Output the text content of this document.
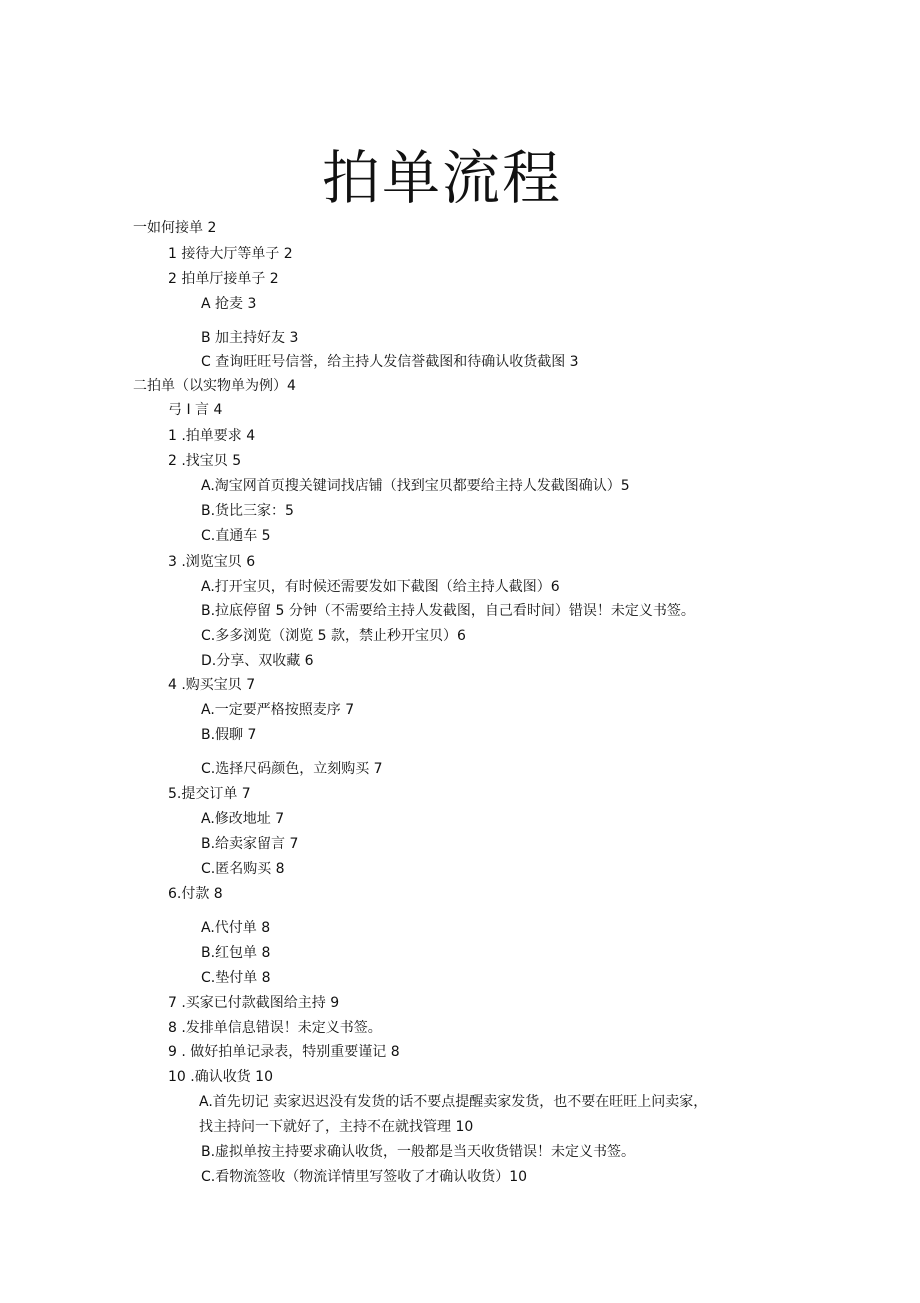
拍单流程
一如何接单 2
1 接待大厅等单子 2
2 拍单厅接单子 2
A 抢麦 3
B 加主持好友 3
C 查询旺旺号信誉，给主持人发信誉截图和待确认收货截图 3
二拍单（以实物单为例）4
弓 I 言 4
1 .拍单要求 4
2 .找宝贝 5
A.淘宝网首页搜关键词找店铺（找到宝贝都要给主持人发截图确认）5
B.货比三家：5
C.直通车 5
3 .浏览宝贝 6
A.打开宝贝，有时候还需要发如下截图（给主持人截图）6
B.拉底停留 5 分钟（不需要给主持人发截图，自己看时间）错误！未定义书签。
C.多多浏览（浏览 5 款，禁止秒开宝贝）6
D.分享、双收藏 6
4 .购买宝贝 7
A.一定要严格按照麦序 7
B.假聊 7
C.选择尺码颜色，立刻购买 7
5.提交订单 7
A.修改地址 7
B.给卖家留言 7
C.匿名购买 8
6.付款 8
A.代付单 8
B.红包单 8
C.垫付单 8
7 .买家已付款截图给主持 9
8 .发排单信息错误！未定义书签。
9 . 做好拍单记录表，特别重要谨记 8
10 .确认收货 10
A.首先切记 卖家迟迟没有发货的话不要点提醒卖家发货，也不要在旺旺上问卖家，
找主持问一下就好了，主持不在就找管理 10
B.虚拟单按主持要求确认收货，一般都是当天收货错误！未定义书签。
C.看物流签收（物流详情里写签收了才确认收货）10
